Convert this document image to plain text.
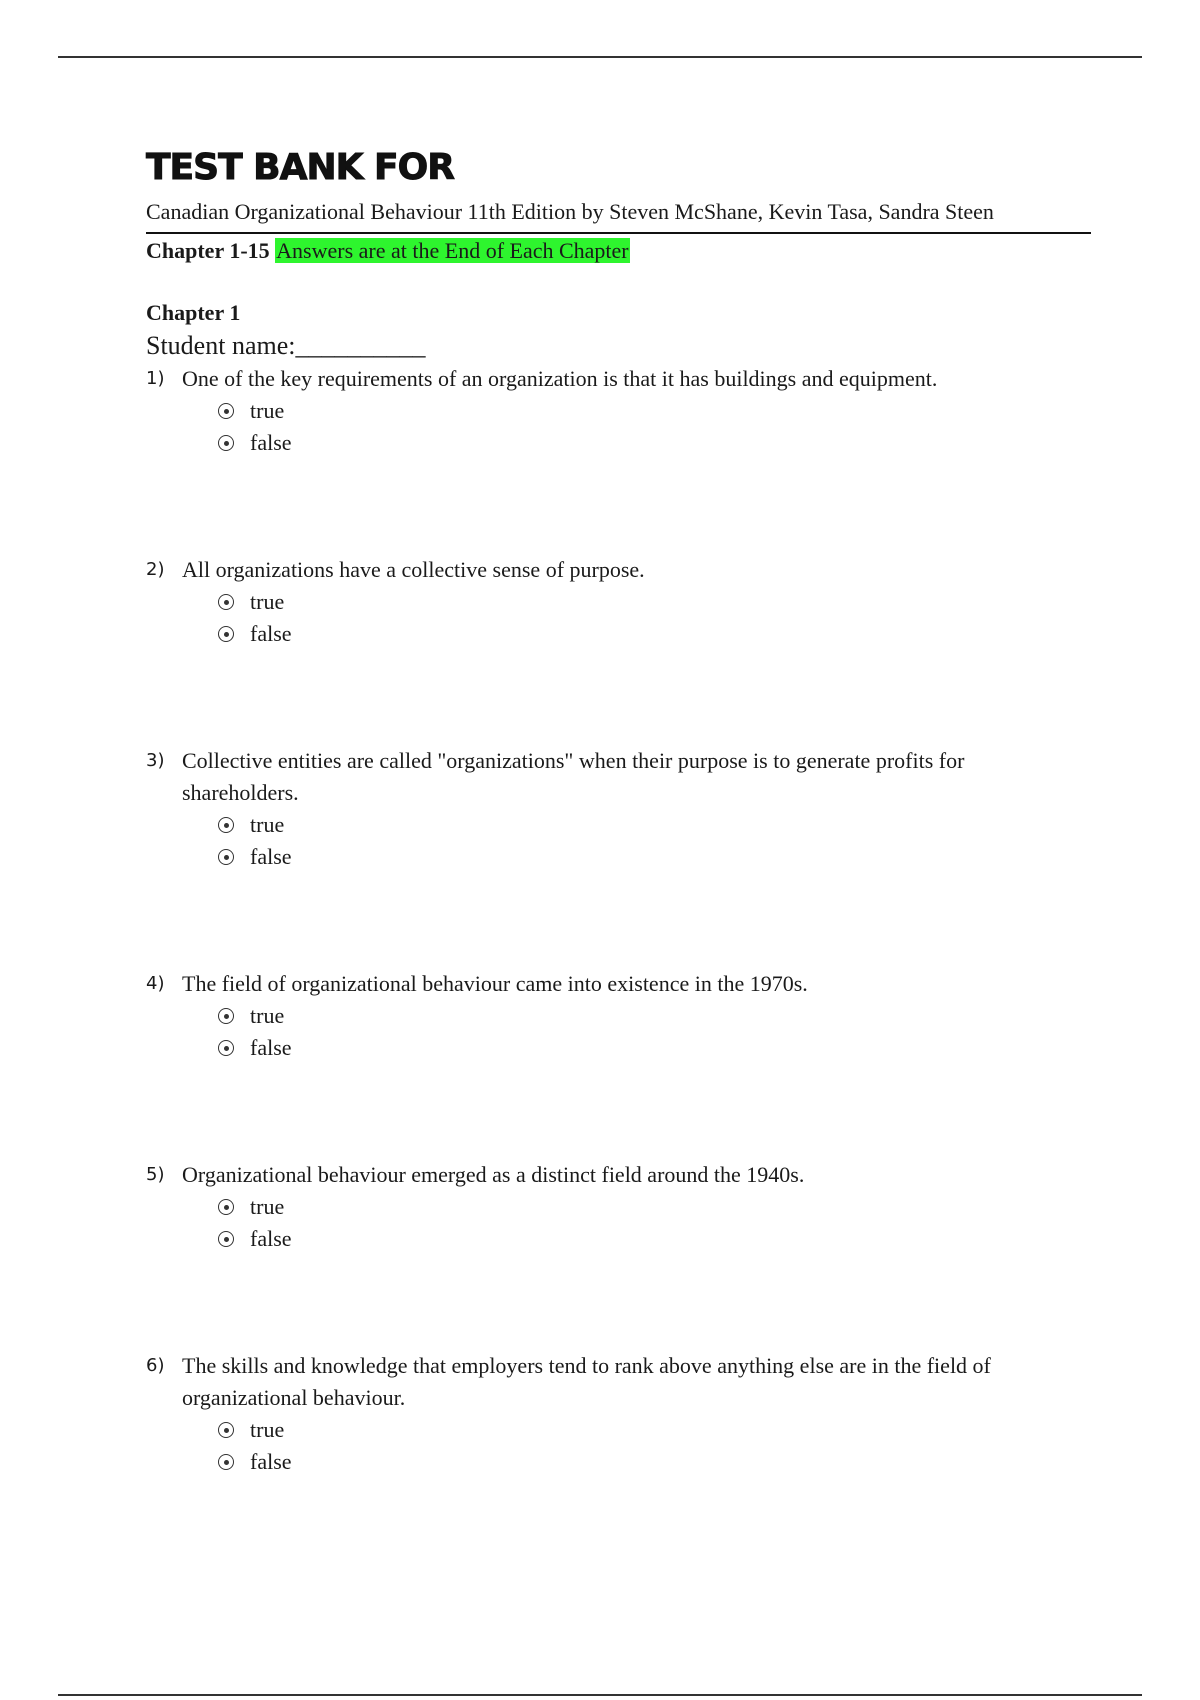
TEST BANK FOR
Canadian Organizational Behaviour 11th Edition by Steven McShane, Kevin Tasa, Sandra Steen
Chapter 1-15 Answers are at the End of Each Chapter
Chapter 1
Student name:__________
1) One of the key requirements of an organization is that it has buildings and equipment.
true
false
2) All organizations have a collective sense of purpose.
true
false
3) Collective entities are called "organizations" when their purpose is to generate profits for shareholders.
true
false
4) The field of organizational behaviour came into existence in the 1970s.
true
false
5) Organizational behaviour emerged as a distinct field around the 1940s.
true
false
6) The skills and knowledge that employers tend to rank above anything else are in the field of organizational behaviour.
true
false
